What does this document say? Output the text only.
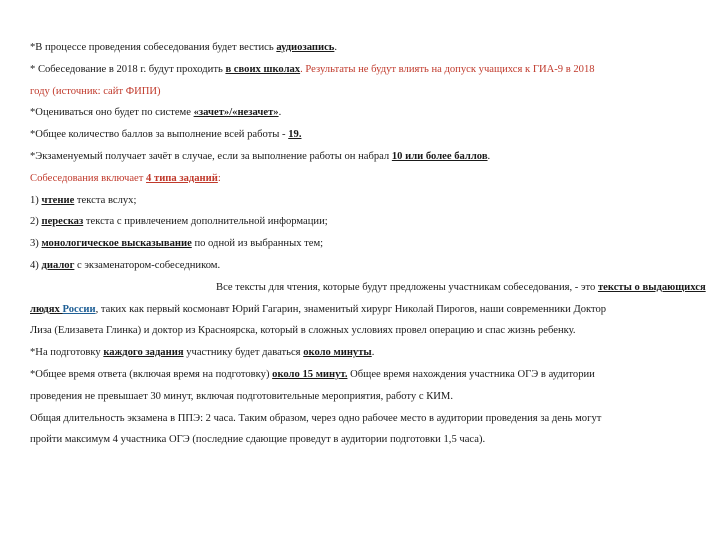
*В процессе проведения собеседования будет вестись аудиозапись.
* Собеседование в 2018 г. будут проходить в своих школах. Результаты не будут влиять на допуск учащихся к ГИА-9 в 2018
году (источник: сайт ФИПИ)
*Оцениваться оно будет по системе «зачет»/«незачет».
*Общее количество баллов за выполнение всей работы - 19.
*Экзаменуемый получает зачёт в случае, если за выполнение работы он набрал 10 или более баллов.
Собеседования включает 4 типа заданий:
1) чтение текста вслух;
2) пересказ текста с привлечением дополнительной информации;
3) монологическое высказывание по одной из выбранных тем;
4) диалог с экзаменатором-собеседником.
Все тексты для чтения, которые будут предложены участникам собеседования, - это тексты о выдающихся
людях России, таких как первый космонавт Юрий Гагарин, знаменитый хирург Николай Пирогов, наши современники Доктор
Лиза (Елизавета Глинка) и доктор из Красноярска, который в сложных условиях провел операцию и спас жизнь ребенку.
*На подготовку каждого задания участнику будет даваться около минуты.
*Общее время ответа (включая время на подготовку) около 15 минут. Общее время нахождения участника ОГЭ в аудитории
проведения не превышает 30 минут, включая подготовительные мероприятия, работу с КИМ.
Общая длительность экзамена в ППЭ: 2 часа. Таким образом, через одно рабочее место в аудитории проведения за день могут
пройти максимум 4 участника ОГЭ (последние сдающие проведут в аудитории подготовки 1,5 часа).
